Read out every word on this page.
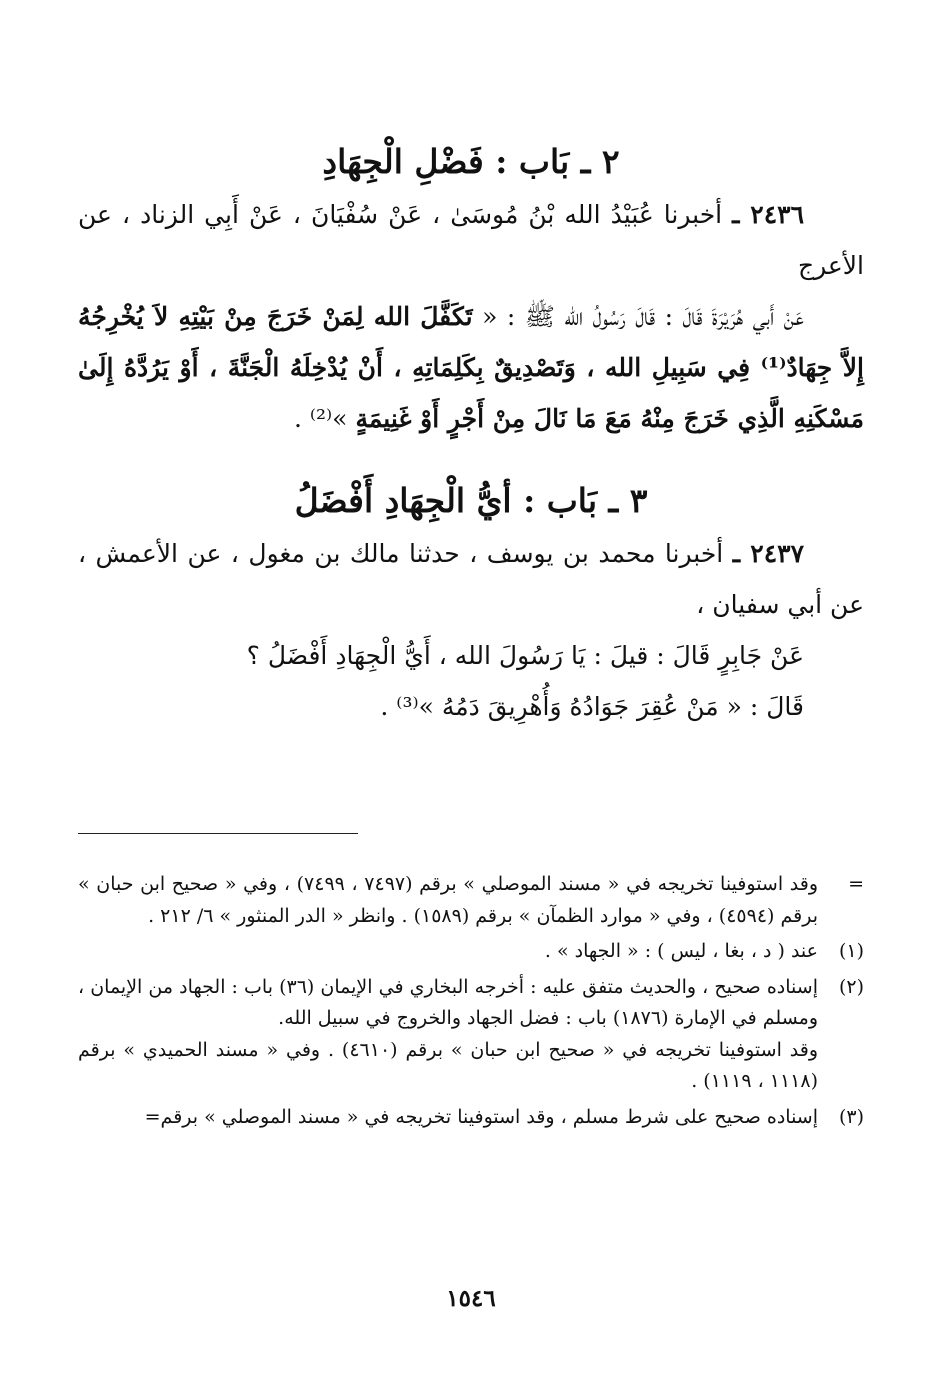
٢ ـ بَاب : فَضْلِ الْجِهَادِ

٢٤٣٦ ـ أخبرنا عُبَيْدُ الله بْنُ مُوسَىٰ ، عَنْ سُفْيَانَ ، عَنْ أَبِي الزناد ، عن الأعرج

عَنْ أَبي هُرَيْرَةَ قَالَ : قَالَ رَسُولُ الله ﷺ : « تَكَفَّلَ الله لِمَنْ خَرَجَ مِنْ بَيْتِهِ لاَ يُخْرِجُهُ إِلاَّ جِهَادٌ⁽¹⁾ فِي سَبِيلِ الله ، وَتَصْدِيقٌ بِكَلِمَاتِهِ ، أَنْ يُدْخِلَهُ الْجَنَّةَ ، أَوْ يَرُدَّهُ إِلَىٰ مَسْكَنِهِ الَّذِي خَرَجَ مِنْهُ مَعَ مَا نَالَ مِنْ أَجْرٍ أَوْ غَنِيمَةٍ »⁽²⁾ .

٣ ـ بَاب : أيُّ الْجِهَادِ أَفْضَلُ

٢٤٣٧ ـ أخبرنا محمد بن يوسف ، حدثنا مالك بن مغول ، عن الأعمش ، عن أبي سفيان ،

عَنْ جَابِرٍ قَالَ : قيلَ : يَا رَسُولَ الله ، أَيُّ الْجِهَادِ أَفْضَلُ ؟

قَالَ : « مَنْ عُقِرَ جَوَادُهُ وَأُهْرِيقَ دَمُهُ »⁽³⁾ .

=
وقد استوفينا تخريجه في « مسند الموصلي » برقم (٧٤٩٧ ، ٧٤٩٩) ، وفي « صحيح ابن حبان » برقم (٤٥٩٤) ، وفي « موارد الظمآن » برقم (١٥٨٩) . وانظر « الدر المنثور » ٦/ ٢١٢ .
(١)
عند ( د ، بغا ، ليس ) : « الجهاد » .
(٢)
إسناده صحيح ، والحديث متفق عليه : أخرجه البخاري في الإيمان (٣٦) باب : الجهاد من الإيمان ، ومسلم في الإمارة (١٨٧٦) باب : فضل الجهاد والخروج في سبيل الله.
وقد استوفينا تخريجه في « صحيح ابن حبان » برقم (٤٦١٠) . وفي « مسند الحميدي » برقم (١١١٨ ، ١١١٩) .
(٣)
إسناده صحيح على شرط مسلم ، وقد استوفينا تخريجه في « مسند الموصلي » برقم=
١٥٤٦
